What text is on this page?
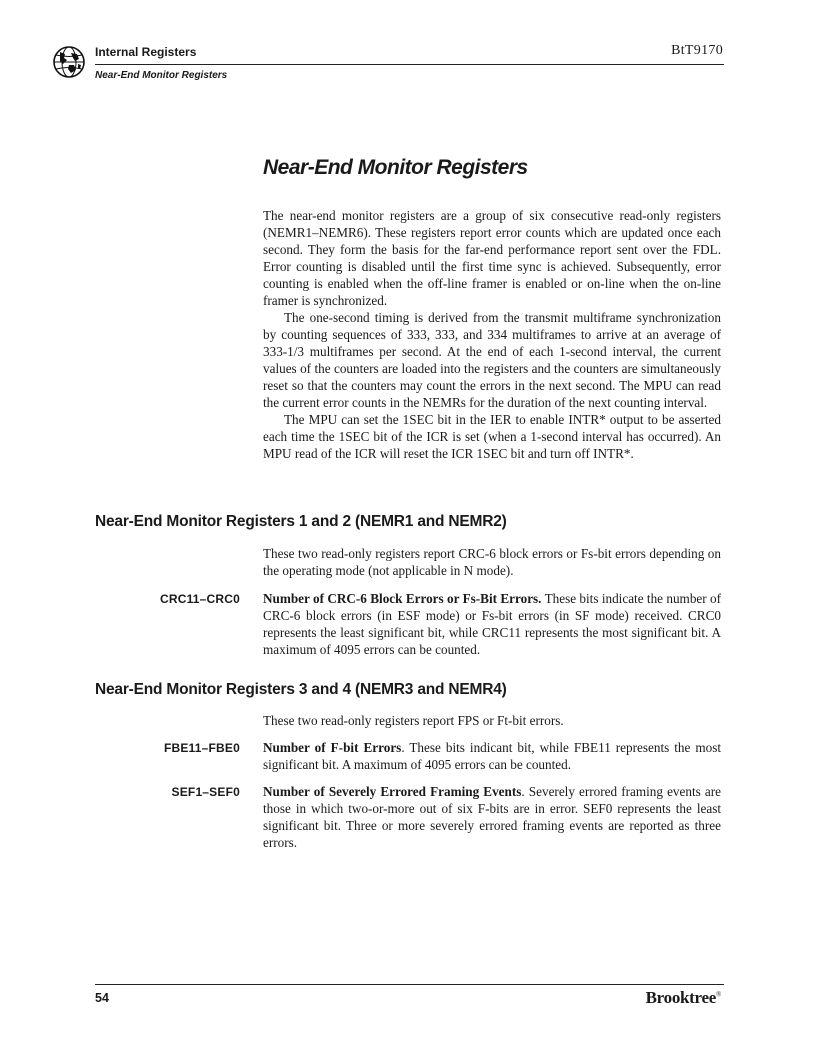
Internal Registers
Near-End Monitor Registers
BtT9170
Near-End Monitor Registers

The near-end monitor registers are a group of six consecutive read-only registers (NEMR1–NEMR6). These registers report error counts which are updated once each second. They form the basis for the far-end performance report sent over the FDL. Error counting is disabled until the first time sync is achieved. Subsequently, error counting is enabled when the off-line framer is enabled or on-line when the on-line framer is synchronized.

The one-second timing is derived from the transmit multiframe synchronization by counting sequences of 333, 333, and 334 multiframes to arrive at an average of 333-1/3 multiframes per second. At the end of each 1-second interval, the current values of the counters are loaded into the registers and the counters are simultaneously reset so that the counters may count the errors in the next second. The MPU can read the current error counts in the NEMRs for the duration of the next counting interval.

The MPU can set the 1SEC bit in the IER to enable INTR* output to be asserted each time the 1SEC bit of the ICR is set (when a 1-second interval has occurred). An MPU read of the ICR will reset the ICR 1SEC bit and turn off INTR*.

Near-End Monitor Registers 1 and 2 (NEMR1 and NEMR2)
These two read-only registers report CRC-6 block errors or Fs-bit errors depending on the operating mode (not applicable in N mode).
CRC11–CRC0 Number of CRC-6 Block Errors or Fs-Bit Errors. These bits indicate the number of CRC-6 block errors (in ESF mode) or Fs-bit errors (in SF mode) received. CRC0 represents the least significant bit, while CRC11 represents the most significant bit. A maximum of 4095 errors can be counted.
Near-End Monitor Registers 3 and 4 (NEMR3 and NEMR4)
These two read-only registers report FPS or Ft-bit errors.
FBE11–FBE0 Number of F-bit Errors. These bits indicant bit, while FBE11 represents the most significant bit. A maximum of 4095 errors can be counted.
SEF1–SEF0 Number of Severely Errored Framing Events. Severely errored framing events are those in which two-or-more out of six F-bits are in error. SEF0 represents the least significant bit. Three or more severely errored framing events are reported as three errors.
54	Brooktree®
